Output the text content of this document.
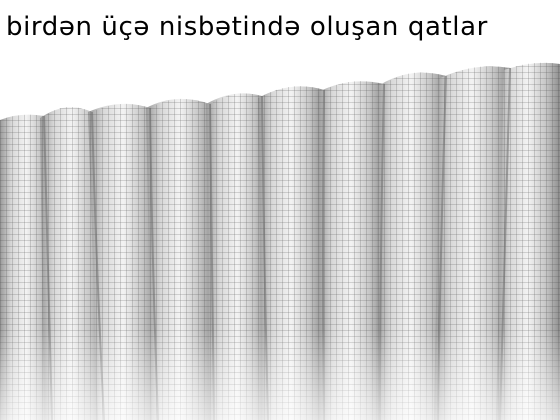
birdən üçə nisbətində oluşan qatlar
